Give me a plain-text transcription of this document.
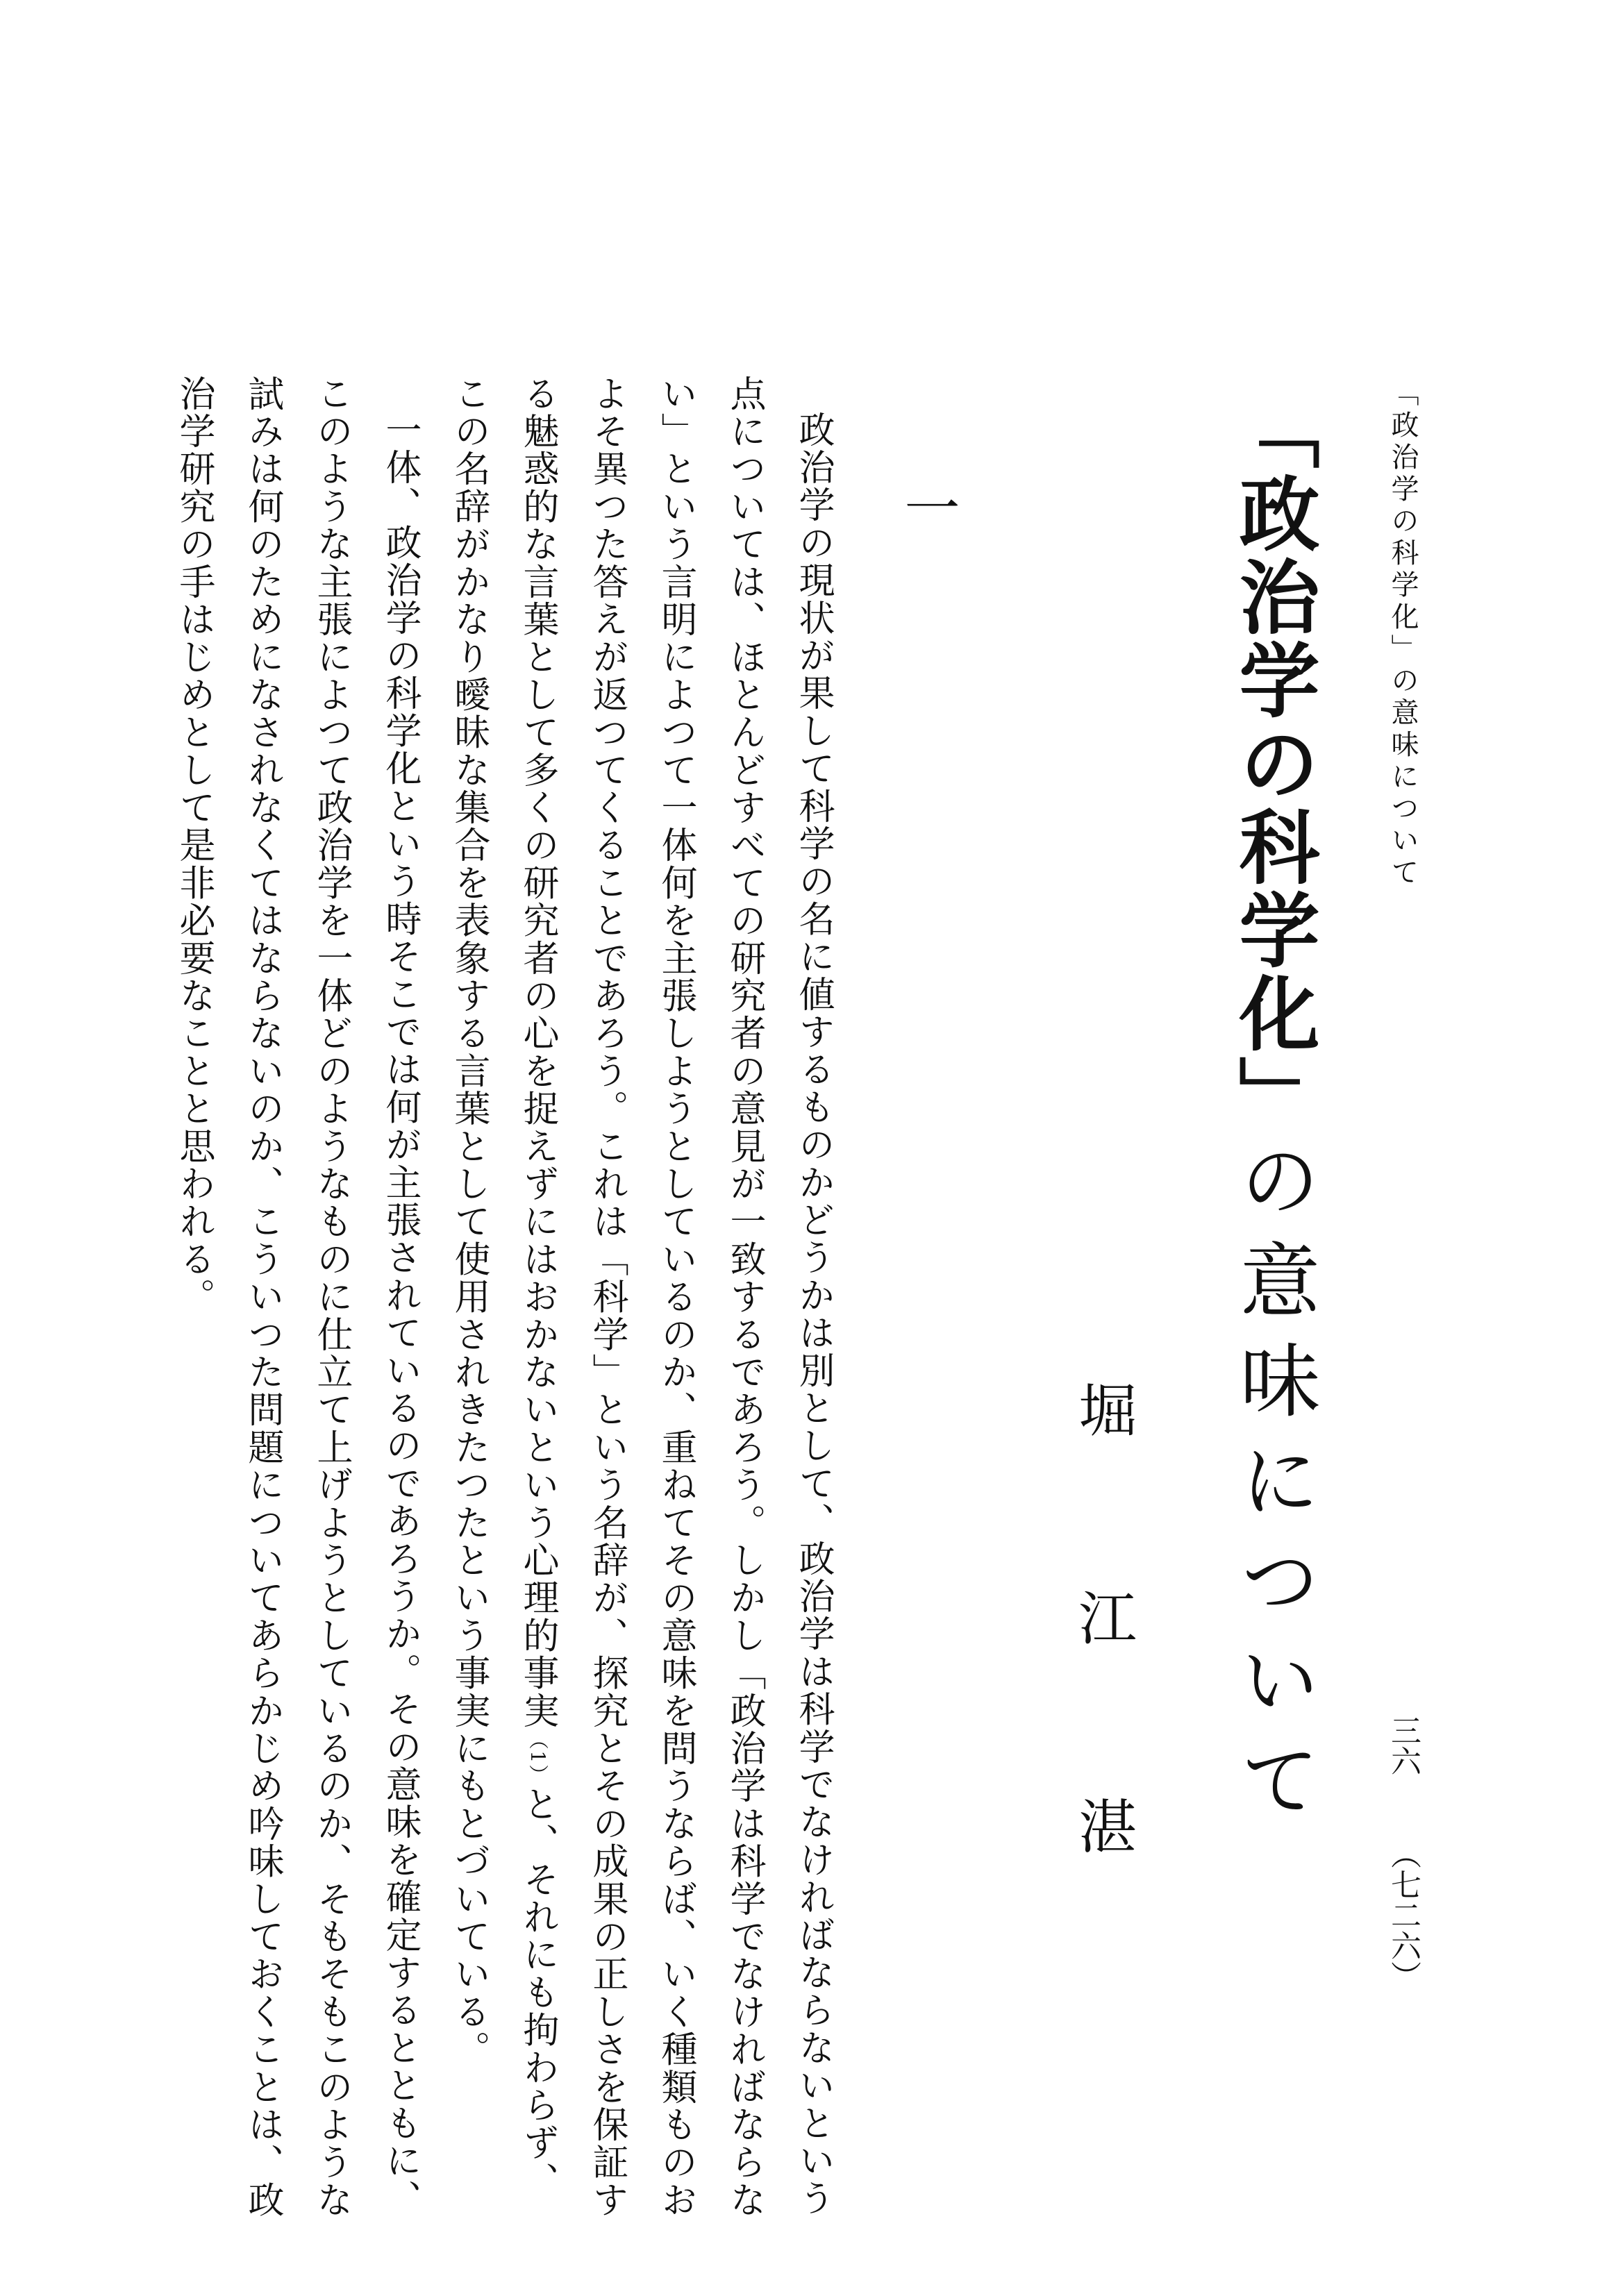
「政治学の科学化」の意味について
三六（七二六）
「政治学の科学化」の意味について
堀
江
湛
一

政治学の現状が果して科学の名に値するものかどうかは別として、政治学は科学でなければならないという点については、ほとんどすべての研究者の意見が一致するであろう。しかし「政治学は科学でなければならない」という言明によつて一体何を主張しようとしているのか、重ねてその意味を問うならば、いく種類ものおよそ異つた答えが返つてくることであろう。これは「科学」という名辞が、探究とその成果の正しさを保証する魅惑的な言葉として多くの研究者の心を捉えずにはおかないという心理的事実（1）と、それにも拘わらず、この名辞がかなり曖昧な集合を表象する言葉として使用されきたつたという事実にもとづいている。

一体、政治学の科学化という時そこでは何が主張されているのであろうか。その意味を確定するとともに、このような主張によつて政治学を一体どのようなものに仕立て上げようとしているのか、そもそもこのような試みは何のためになされなくてはならないのか、こういつた問題についてあらかじめ吟味しておくことは、政治学研究の手はじめとして是非必要なことと思われる。
